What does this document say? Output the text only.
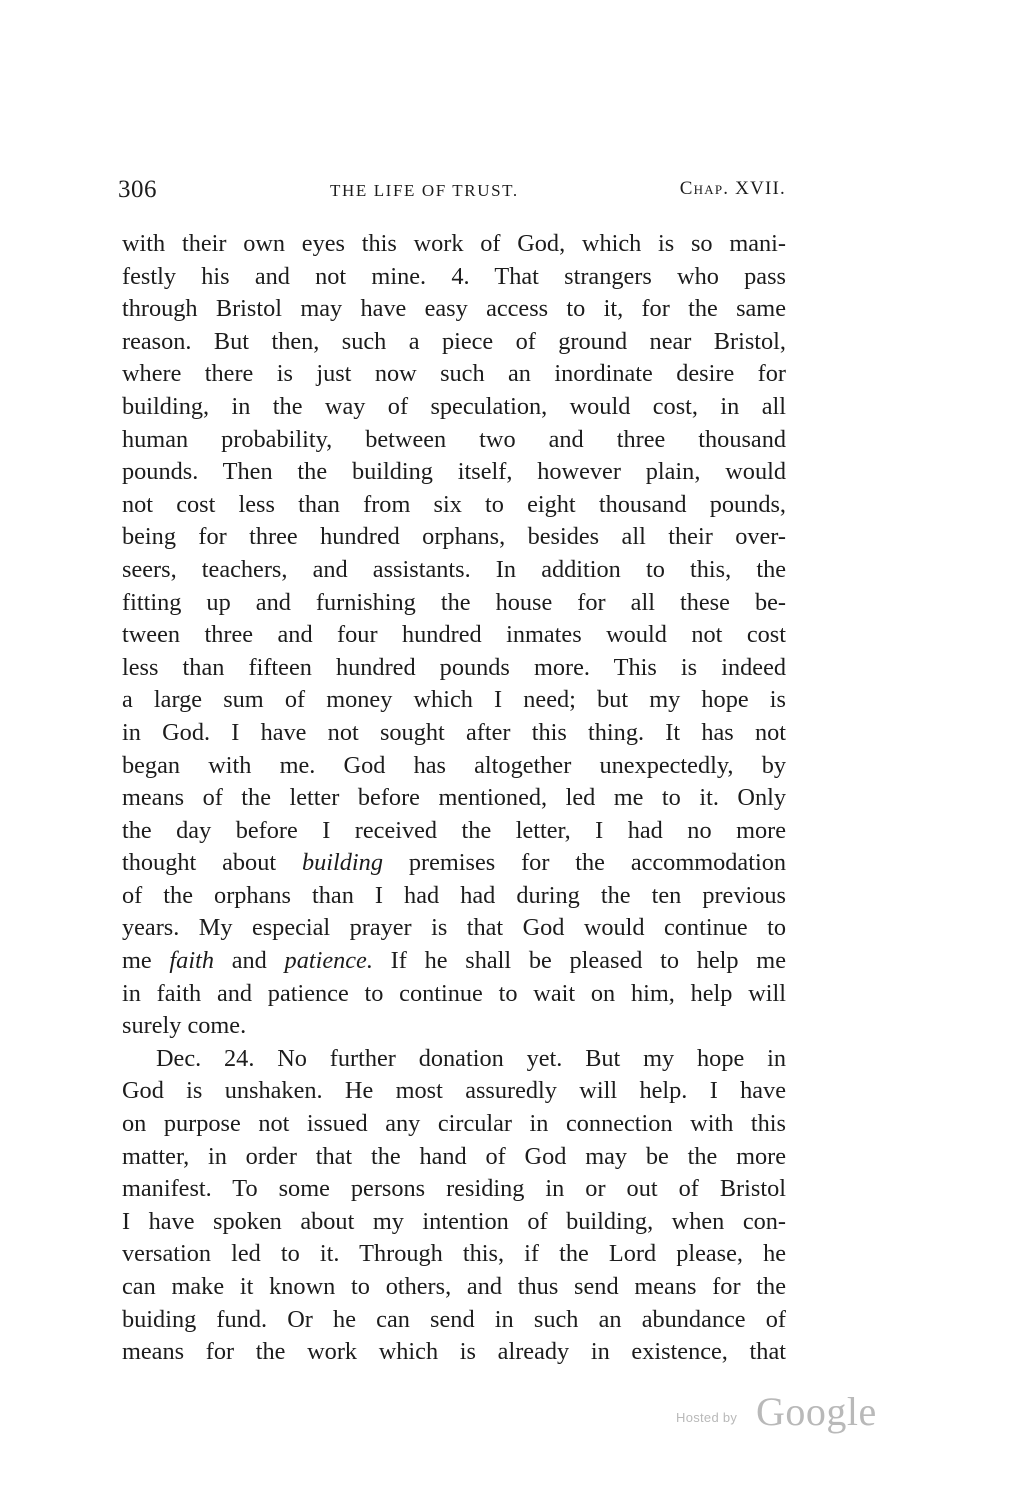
306	THE LIFE OF TRUST.	Chap. XVII.
with their own eyes this work of God, which is so mani-
festly his and not mine. 4. That strangers who pass
through Bristol may have easy access to it, for the same
reason. But then, such a piece of ground near Bristol,
where there is just now such an inordinate desire for
building, in the way of speculation, would cost, in all
human probability, between two and three thousand
pounds. Then the building itself, however plain, would
not cost less than from six to eight thousand pounds,
being for three hundred orphans, besides all their over-
seers, teachers, and assistants. In addition to this, the
fitting up and furnishing the house for all these be-
tween three and four hundred inmates would not cost
less than fifteen hundred pounds more. This is indeed
a large sum of money which I need; but my hope is
in God. I have not sought after this thing. It has not
began with me. God has altogether unexpectedly, by
means of the letter before mentioned, led me to it. Only
the day before I received the letter, I had no more
thought about building premises for the accommodation
of the orphans than I had had during the ten previous
years. My especial prayer is that God would continue to
me faith and patience. If he shall be pleased to help me
in faith and patience to continue to wait on him, help will
surely come.
Dec. 24. No further donation yet. But my hope in
God is unshaken. He most assuredly will help. I have
on purpose not issued any circular in connection with this
matter, in order that the hand of God may be the more
manifest. To some persons residing in or out of Bristol
I have spoken about my intention of building, when con-
versation led to it. Through this, if the Lord please, he
can make it known to others, and thus send means for the
buiding fund. Or he can send in such an abundance of
means for the work which is already in existence, that
Hosted by Google
